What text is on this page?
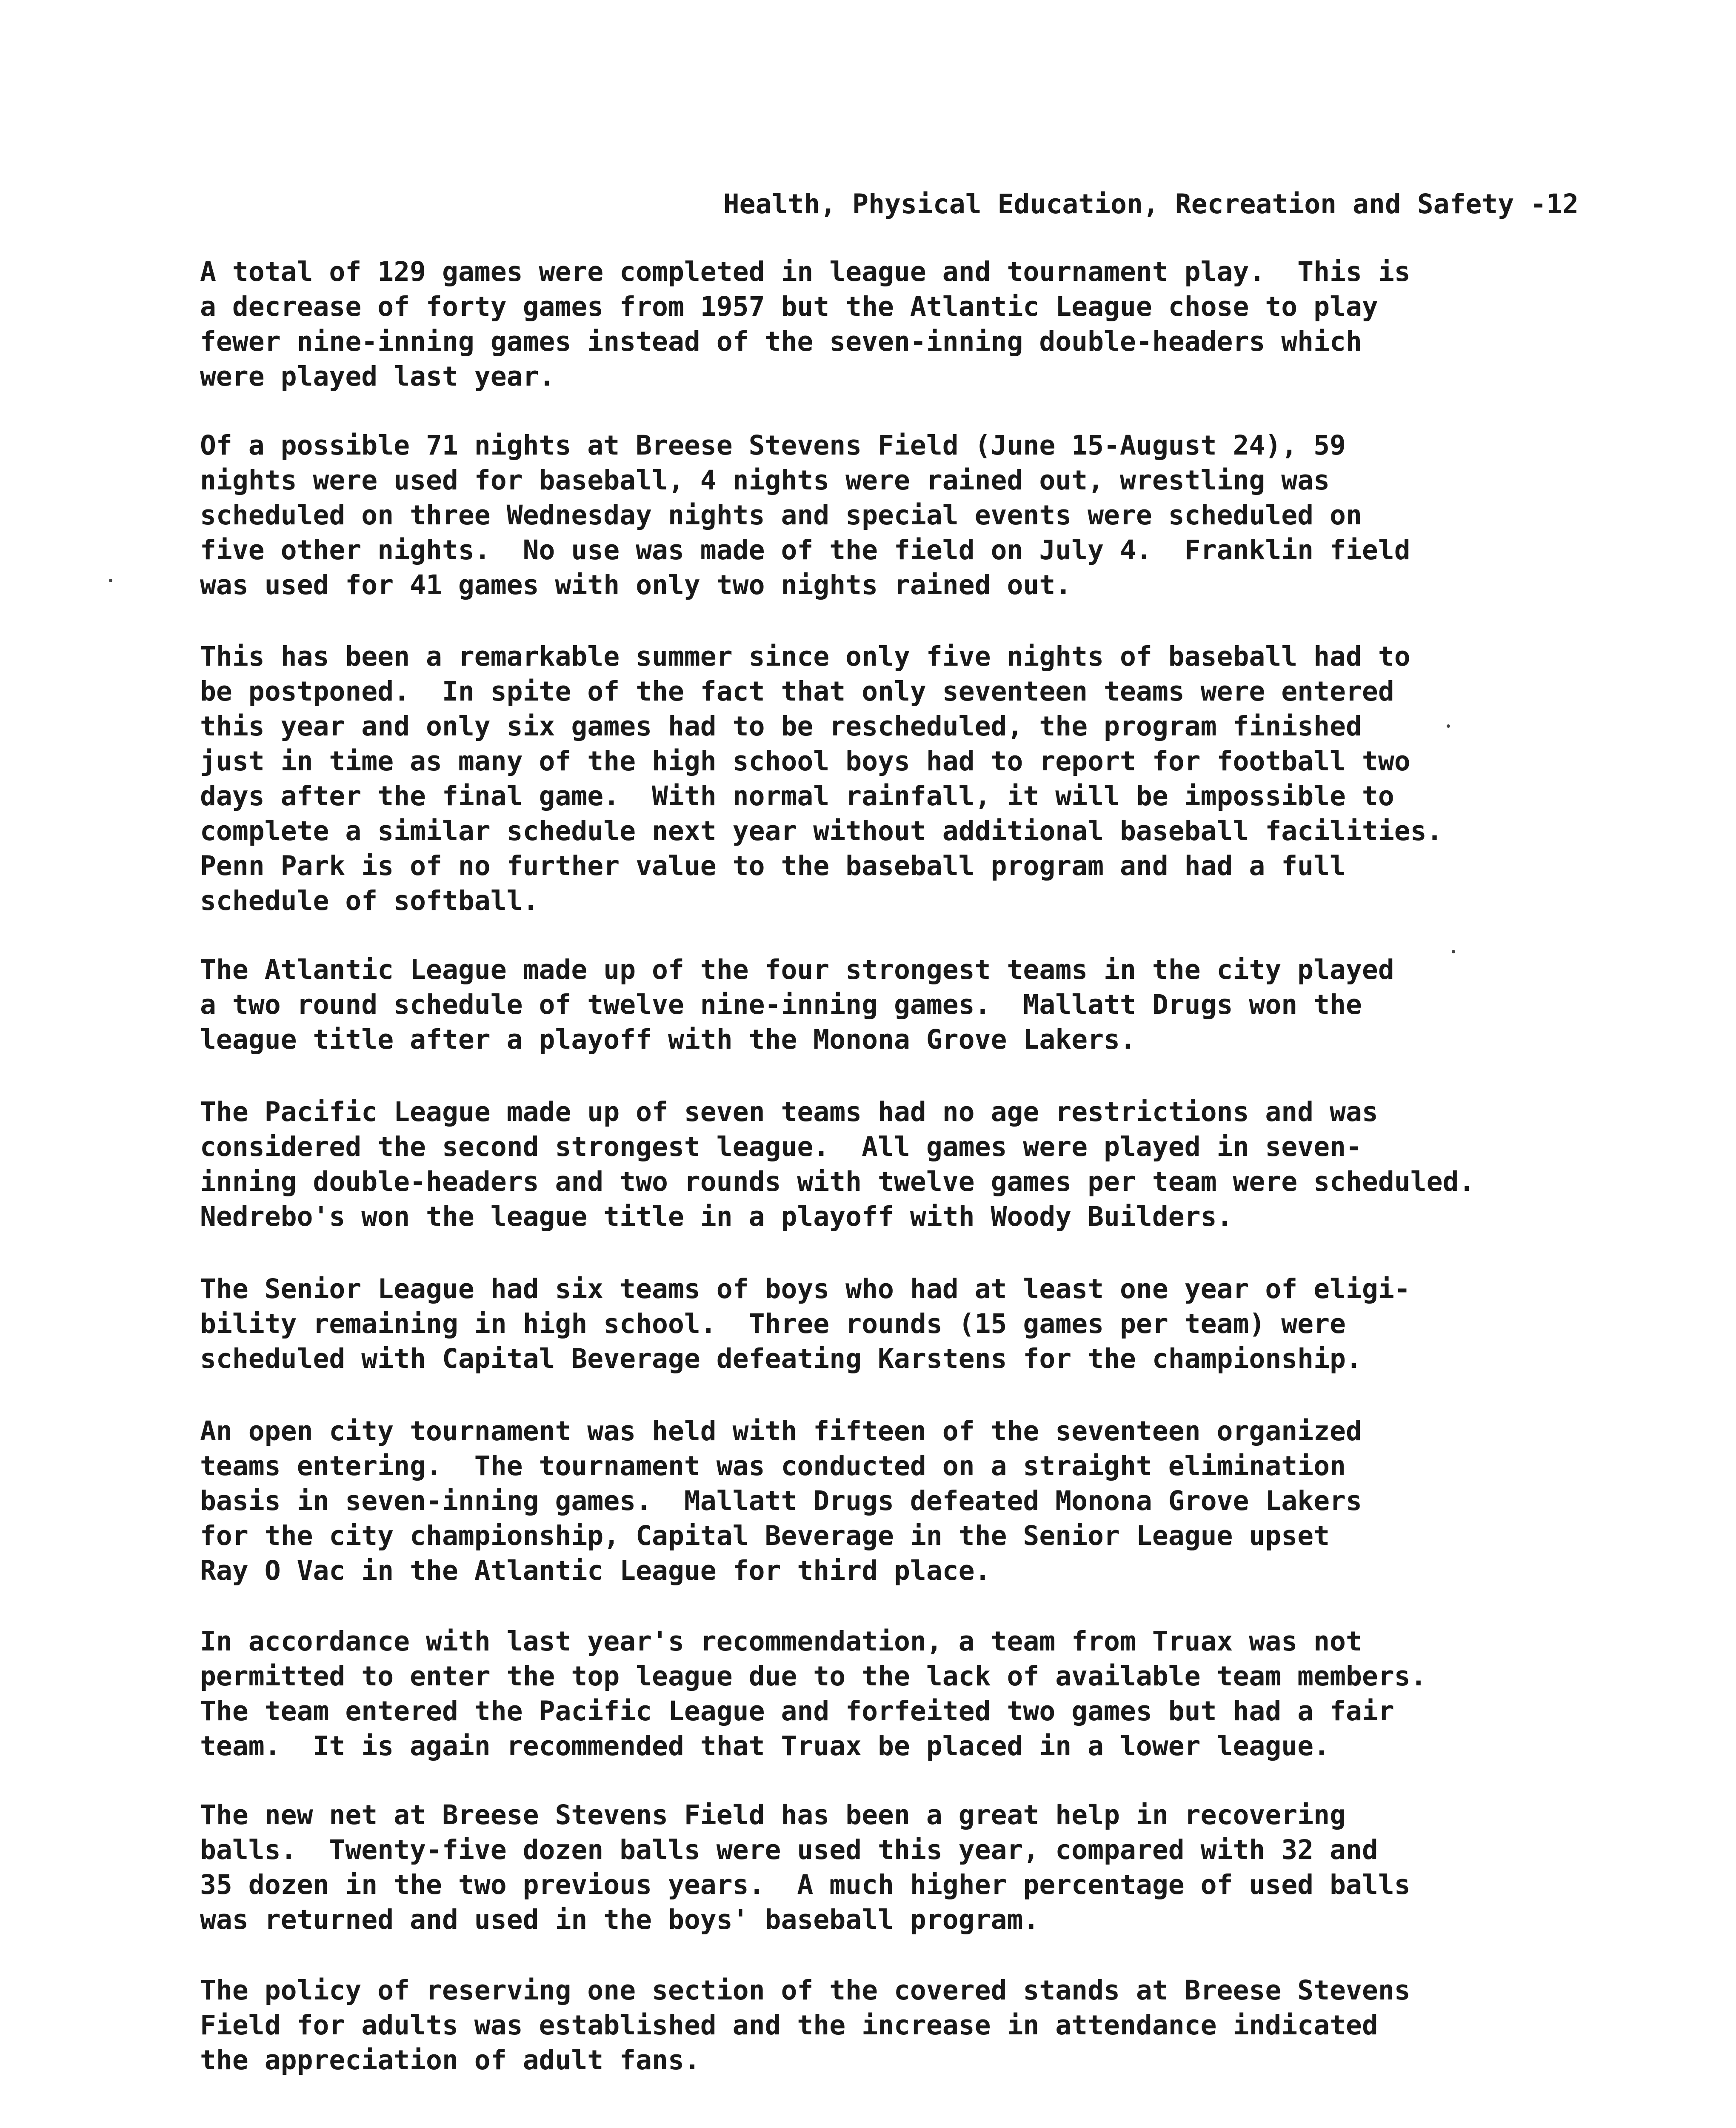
Health, Physical Education, Recreation and Safety -12
A total of 129 games were completed in league and tournament play.  This is
a decrease of forty games from 1957 but the Atlantic League chose to play
fewer nine-inning games instead of the seven-inning double-headers which
were played last year.
Of a possible 71 nights at Breese Stevens Field (June 15-August 24), 59
nights were used for baseball, 4 nights were rained out, wrestling was
scheduled on three Wednesday nights and special events were scheduled on
five other nights.  No use was made of the field on July 4.  Franklin field
was used for 41 games with only two nights rained out.
This has been a remarkable summer since only five nights of baseball had to
be postponed.  In spite of the fact that only seventeen teams were entered
this year and only six games had to be rescheduled, the program finished
just in time as many of the high school boys had to report for football two
days after the final game.  With normal rainfall, it will be impossible to
complete a similar schedule next year without additional baseball facilities.
Penn Park is of no further value to the baseball program and had a full
schedule of softball.
The Atlantic League made up of the four strongest teams in the city played
a two round schedule of twelve nine-inning games.  Mallatt Drugs won the
league title after a playoff with the Monona Grove Lakers.
The Pacific League made up of seven teams had no age restrictions and was
considered the second strongest league.  All games were played in seven-
inning double-headers and two rounds with twelve games per team were scheduled.
Nedrebo's won the league title in a playoff with Woody Builders.
The Senior League had six teams of boys who had at least one year of eligi-
bility remaining in high school.  Three rounds (15 games per team) were
scheduled with Capital Beverage defeating Karstens for the championship.
An open city tournament was held with fifteen of the seventeen organized
teams entering.  The tournament was conducted on a straight elimination
basis in seven-inning games.  Mallatt Drugs defeated Monona Grove Lakers
for the city championship, Capital Beverage in the Senior League upset
Ray O Vac in the Atlantic League for third place.
In accordance with last year's recommendation, a team from Truax was not
permitted to enter the top league due to the lack of available team members.
The team entered the Pacific League and forfeited two games but had a fair
team.  It is again recommended that Truax be placed in a lower league.
The new net at Breese Stevens Field has been a great help in recovering
balls.  Twenty-five dozen balls were used this year, compared with 32 and
35 dozen in the two previous years.  A much higher percentage of used balls
was returned and used in the boys' baseball program.
The policy of reserving one section of the covered stands at Breese Stevens
Field for adults was established and the increase in attendance indicated
the appreciation of adult fans.
